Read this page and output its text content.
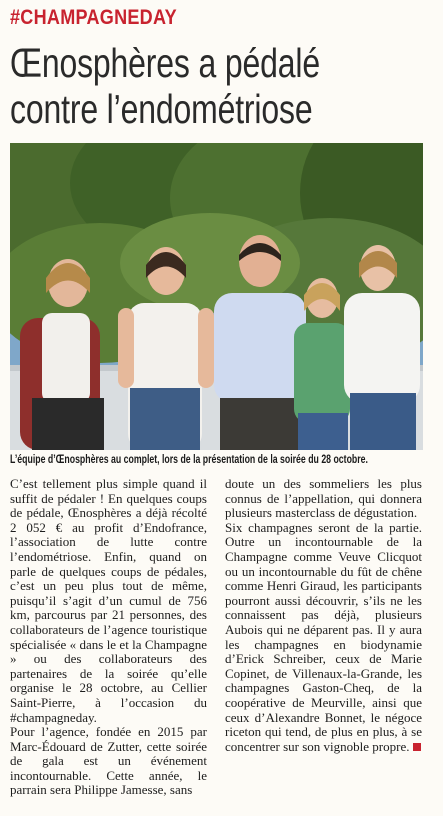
#CHAMPAGNEDAY
Œnosphères a pédalé
contre l’endométriose
L’équipe d’Œnosphères au complet, lors de la présentation de la soirée du 28 octobre.

C’est tellement plus simple quand il suffit de pédaler ! En quelques coups de pédale, Œnosphères a déjà récolté 2 052 € au profit d’Endofrance, l’association de lutte contre l’endométriose. Enfin, quand on parle de quelques coups de pédales, c’est un peu plus tout de même, puisqu’il s’agit d’un cumul de 756 km, parcourus par 21 personnes, des collaborateurs de l’agence touristique spécialisée « dans le et la Champagne » ou des collaborateurs des partenaires de la soirée qu’elle organise le 28 octobre, au Cellier Saint-Pierre, à l’occasion du #champagneday.

Pour l’agence, fondée en 2015 par Marc-Édouard de Zutter, cette soirée de gala est un événement incontournable. Cette année, le parrain sera Philippe Jamesse, sans

doute un des sommeliers les plus connus de l’appellation, qui donnera plusieurs masterclass de dégustation.

Six champagnes seront de la partie. Outre un incontournable de la Champagne comme Veuve Clicquot ou un incontournable du fût de chêne comme Henri Giraud, les participants pourront aussi découvrir, s’ils ne les connaissent pas déjà, plusieurs Aubois qui ne déparent pas. Il y aura les champagnes en biodynamie d’Erick Schreiber, ceux de Marie Copinet, de Villenaux-la-Grande, les champagnes Gaston-Cheq, de la coopérative de Meurville, ainsi que ceux d’Alexandre Bonnet, le négoce riceton qui tend, de plus en plus, à se concentrer sur son vignoble propre.
